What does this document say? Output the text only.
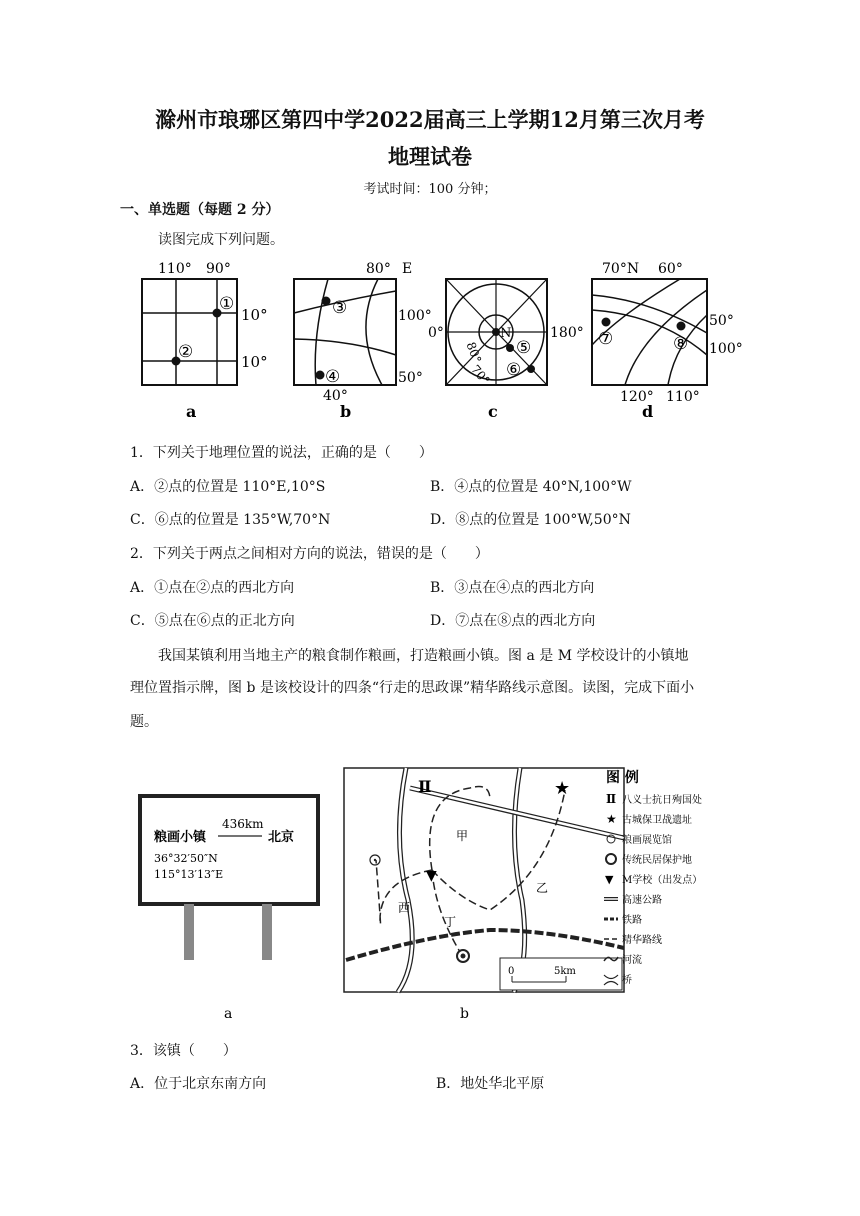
滁州市琅琊区第四中学2022届高三上学期12月第三次月考
地理试卷
考试时间：100 分钟；
一、单选题（每题 2 分）
读图完成下列问题。
110° 90°
10°
10°
①
②
a
80° E
100°
50°
40°
③
④
b
N
0°	180°
80°
70°
⑤
⑥
c
70°N 60°
50°
100°
120° 110°
⑦	⑧
d
1．下列关于地理位置的说法，正确的是（　　）
A．②点的位置是 110°E,10°S	B．④点的位置是 40°N,100°W
C．⑥点的位置是 135°W,70°N	D．⑧点的位置是 100°W,50°N
2．下列关于两点之间相对方向的说法，错误的是（　　）
A．①点在②点的西北方向	B．③点在④点的西北方向
C．⑤点在⑥点的正北方向	D．⑦点在⑧点的西北方向
我国某镇利用当地主产的粮食制作粮画，打造粮画小镇。图 a 是 M 学校设计的小镇地
理位置指示牌，图 b 是该校设计的四条“行走的思政课”精华路线示意图。读图，完成下面小
题。
436km
粮画小镇	北京
36°32′50″N
115°13′13″E
a
Ⅱ	★
▼
甲
乙
西
丁
0	5km
b
图 例
Ⅱ 八义士抗日殉国处
★ 古城保卫战遗址
粮画展览馆
传统民居保护地
▼ M学校（出发点）
高速公路
铁路
精华路线
河流
桥
3．该镇（　　）
A．位于北京东南方向	B．地处华北平原
